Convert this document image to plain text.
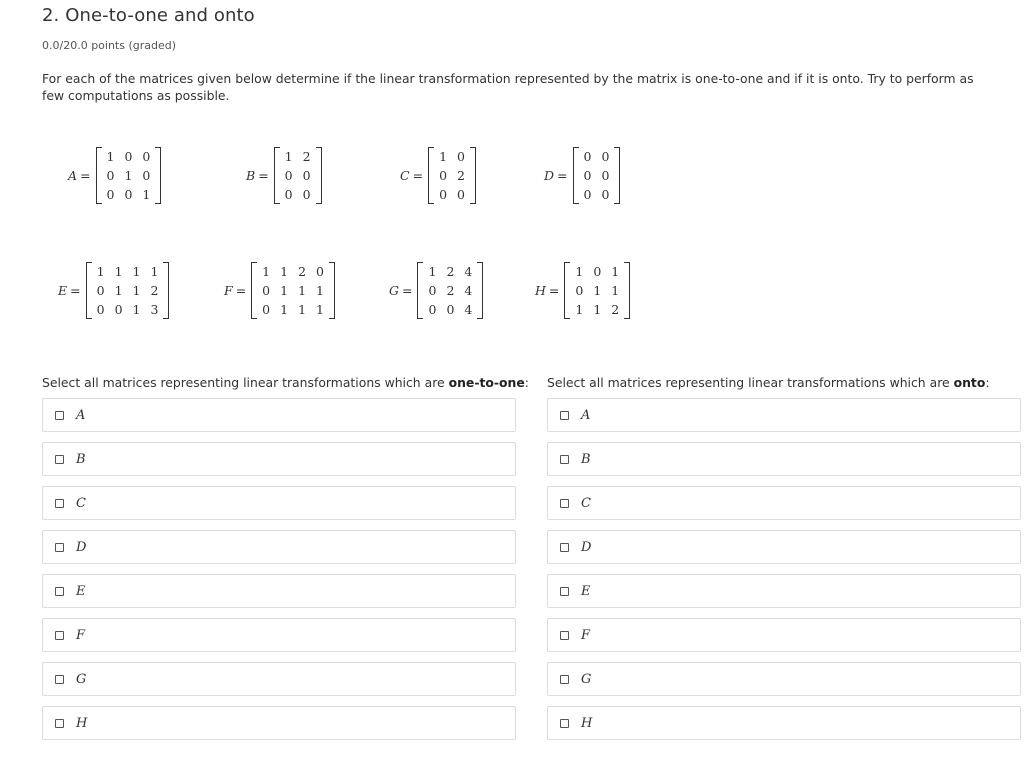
2. One-to-one and onto
0.0/20.0 points (graded)
For each of the matrices given below determine if the linear transformation represented by the matrix is one-to-one and if it is onto. Try to perform as few computations as possible.
A =
1	0	0
0	1	0
0	0	1
B =
1	2
0	0
0	0
C =
1	0
0	2
0	0
D =
0	0
0	0
0	0
E =
1	1	1	1
0	1	1	2
0	0	1	3
F =
1	1	2	0
0	1	1	1
0	1	1	1
G =
1	2	4
0	2	4
0	0	4
H =
1	0	1
0	1	1
1	1	2
Select all matrices representing linear transformations which are one-to-one: Select all matrices representing linear transformations which are onto:
A
B
C
D
E
F
G
H
A
B
C
D
E
F
G
H
